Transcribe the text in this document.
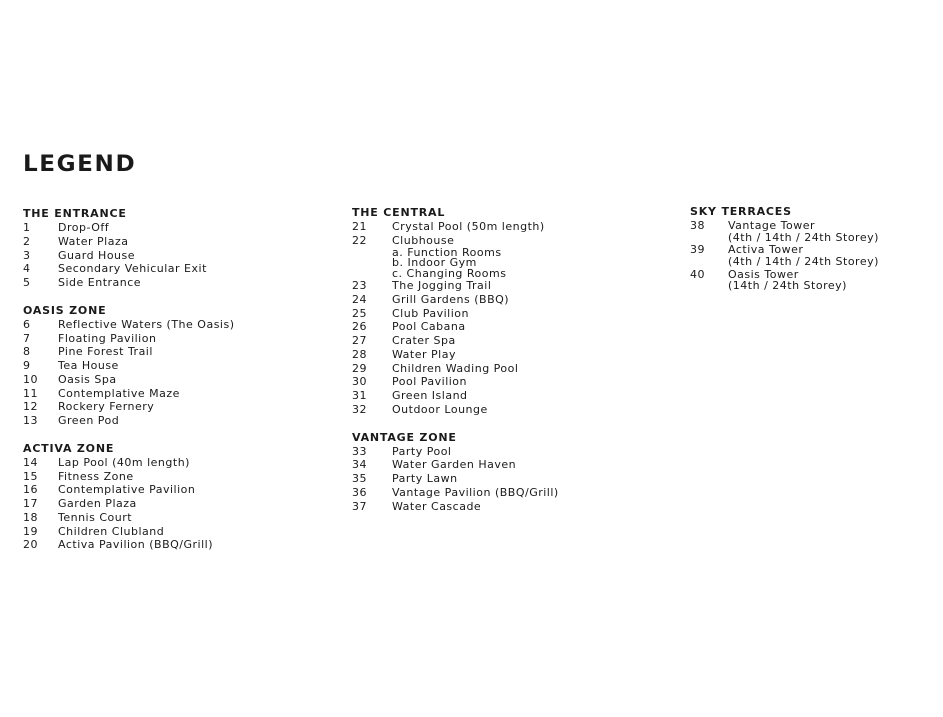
LEGEND
THE ENTRANCE
1	Drop-Off
2	Water Plaza
3	Guard House
4	Secondary Vehicular Exit
5	Side Entrance
OASIS ZONE
6	Reflective Waters (The Oasis)
7	Floating Pavilion
8	Pine Forest Trail
9	Tea House
10	Oasis Spa
11	Contemplative Maze
12	Rockery Fernery
13	Green Pod
ACTIVA ZONE
14	Lap Pool (40m length)
15	Fitness Zone
16	Contemplative Pavilion
17	Garden Plaza
18	Tennis Court
19	Children Clubland
20	Activa Pavilion (BBQ/Grill)
THE CENTRAL
21	Crystal Pool (50m length)
22	Clubhouse
a. Function Rooms
b. Indoor Gym
c. Changing Rooms
23	The Jogging Trail
24	Grill Gardens (BBQ)
25	Club Pavilion
26	Pool Cabana
27	Crater Spa
28	Water Play
29	Children Wading Pool
30	Pool Pavilion
31	Green Island
32	Outdoor Lounge
VANTAGE ZONE
33	Party Pool
34	Water Garden Haven
35	Party Lawn
36	Vantage Pavilion (BBQ/Grill)
37	Water Cascade
SKY TERRACES
38	Vantage Tower
(4th / 14th / 24th Storey)
39	Activa Tower
(4th / 14th / 24th Storey)
40	Oasis Tower
(14th / 24th Storey)
